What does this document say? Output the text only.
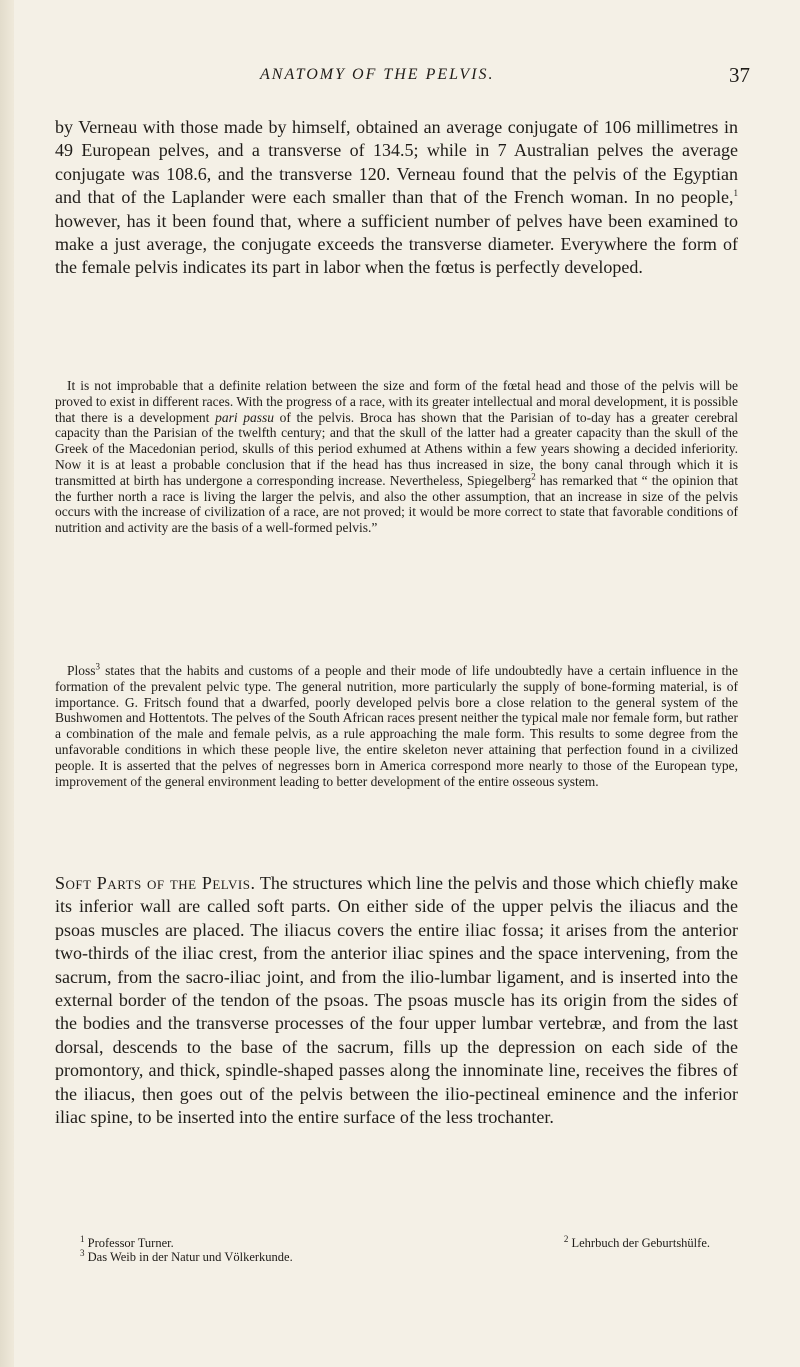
ANATOMY OF THE PELVIS.	37

by Verneau with those made by himself, obtained an average conjugate of 106 millimetres in 49 European pelves, and a transverse of 134.5; while in 7 Australian pelves the average conjugate was 108.6, and the transverse 120. Verneau found that the pelvis of the Egyptian and that of the Laplander were each smaller than that of the French woman. In no people,$^1$ however, has it been found that, where a sufficient number of pelves have been examined to make a just average, the conjugate exceeds the transverse diameter. Everywhere the form of the female pelvis indicates its part in labor when the fœtus is perfectly developed.

It is not improbable that a definite relation between the size and form of the fœtal head and those of the pelvis will be proved to exist in different races. With the progress of a race, with its greater intellectual and moral development, it is possible that there is a development pari passu of the pelvis. Broca has shown that the Parisian of to-day has a greater cerebral capacity than the Parisian of the twelfth century; and that the skull of the latter had a greater capacity than the skull of the Greek of the Macedonian period, skulls of this period exhumed at Athens within a few years showing a decided inferiority. Now it is at least a probable conclusion that if the head has thus increased in size, the bony canal through which it is transmitted at birth has undergone a corresponding increase. Nevertheless, Spiegelberg$^2$ has remarked that “ the opinion that the further north a race is living the larger the pelvis, and also the other assumption, that an increase in size of the pelvis occurs with the increase of civilization of a race, are not proved; it would be more correct to state that favorable conditions of nutrition and activity are the basis of a well-formed pelvis.”

Ploss$^3$ states that the habits and customs of a people and their mode of life undoubtedly have a certain influence in the formation of the prevalent pelvic type. The general nutrition, more particularly the supply of bone-forming material, is of importance. G. Fritsch found that a dwarfed, poorly developed pelvis bore a close relation to the general system of the Bushwomen and Hottentots. The pelves of the South African races present neither the typical male nor female form, but rather a combination of the male and female pelvis, as a rule approaching the male form. This results to some degree from the unfavorable conditions in which these people live, the entire skeleton never attaining that perfection found in a civilized people. It is asserted that the pelves of negresses born in America correspond more nearly to those of the European type, improvement of the general environment leading to better development of the entire osseous system.

Soft Parts of the Pelvis. The structures which line the pelvis and those which chiefly make its inferior wall are called soft parts. On either side of the upper pelvis the iliacus and the psoas muscles are placed. The iliacus covers the entire iliac fossa; it arises from the anterior two-thirds of the iliac crest, from the anterior iliac spines and the space intervening, from the sacrum, from the sacro-iliac joint, and from the ilio-lumbar ligament, and is inserted into the external border of the tendon of the psoas. The psoas muscle has its origin from the sides of the bodies and the transverse processes of the four upper lumbar vertebræ, and from the last dorsal, descends to the base of the sacrum, fills up the depression on each side of the promontory, and thick, spindle-shaped passes along the innominate line, receives the fibres of the iliacus, then goes out of the pelvis between the ilio-pectineal eminence and the inferior iliac spine, to be inserted into the entire surface of the less trochanter.

$^1$ Professor Turner.	$^2$ Lehrbuch der Geburtshülfe.
$^3$ Das Weib in der Natur und Völkerkunde.
